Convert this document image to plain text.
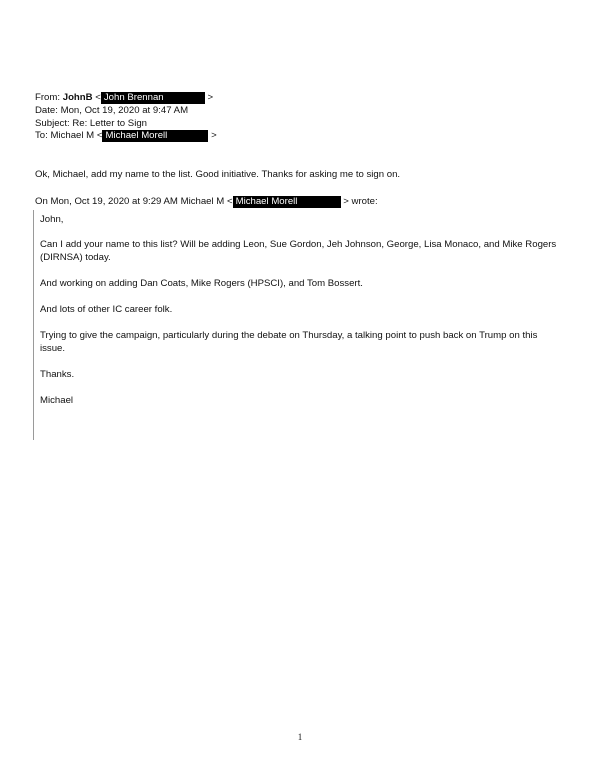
From: JohnB < John Brennan	>
Date: Mon, Oct 19, 2020 at 9:47 AM
Subject: Re: Letter to Sign
To: Michael M < Michael Morell	>
Ok, Michael, add my name to the list. Good initiative. Thanks for asking me to sign on.
On Mon, Oct 19, 2020 at 9:29 AM Michael M < Michael Morell	> wrote:
John,
Can I add your name to this list? Will be adding Leon, Sue Gordon, Jeh Johnson, George, Lisa Monaco, and Mike Rogers
(DIRNSA) today.
And working on adding Dan Coats, Mike Rogers (HPSCI), and Tom Bossert.
And lots of other IC career folk.
Trying to give the campaign, particularly during the debate on Thursday, a talking point to push back on Trump on this
issue.
Thanks.
Michael
1
